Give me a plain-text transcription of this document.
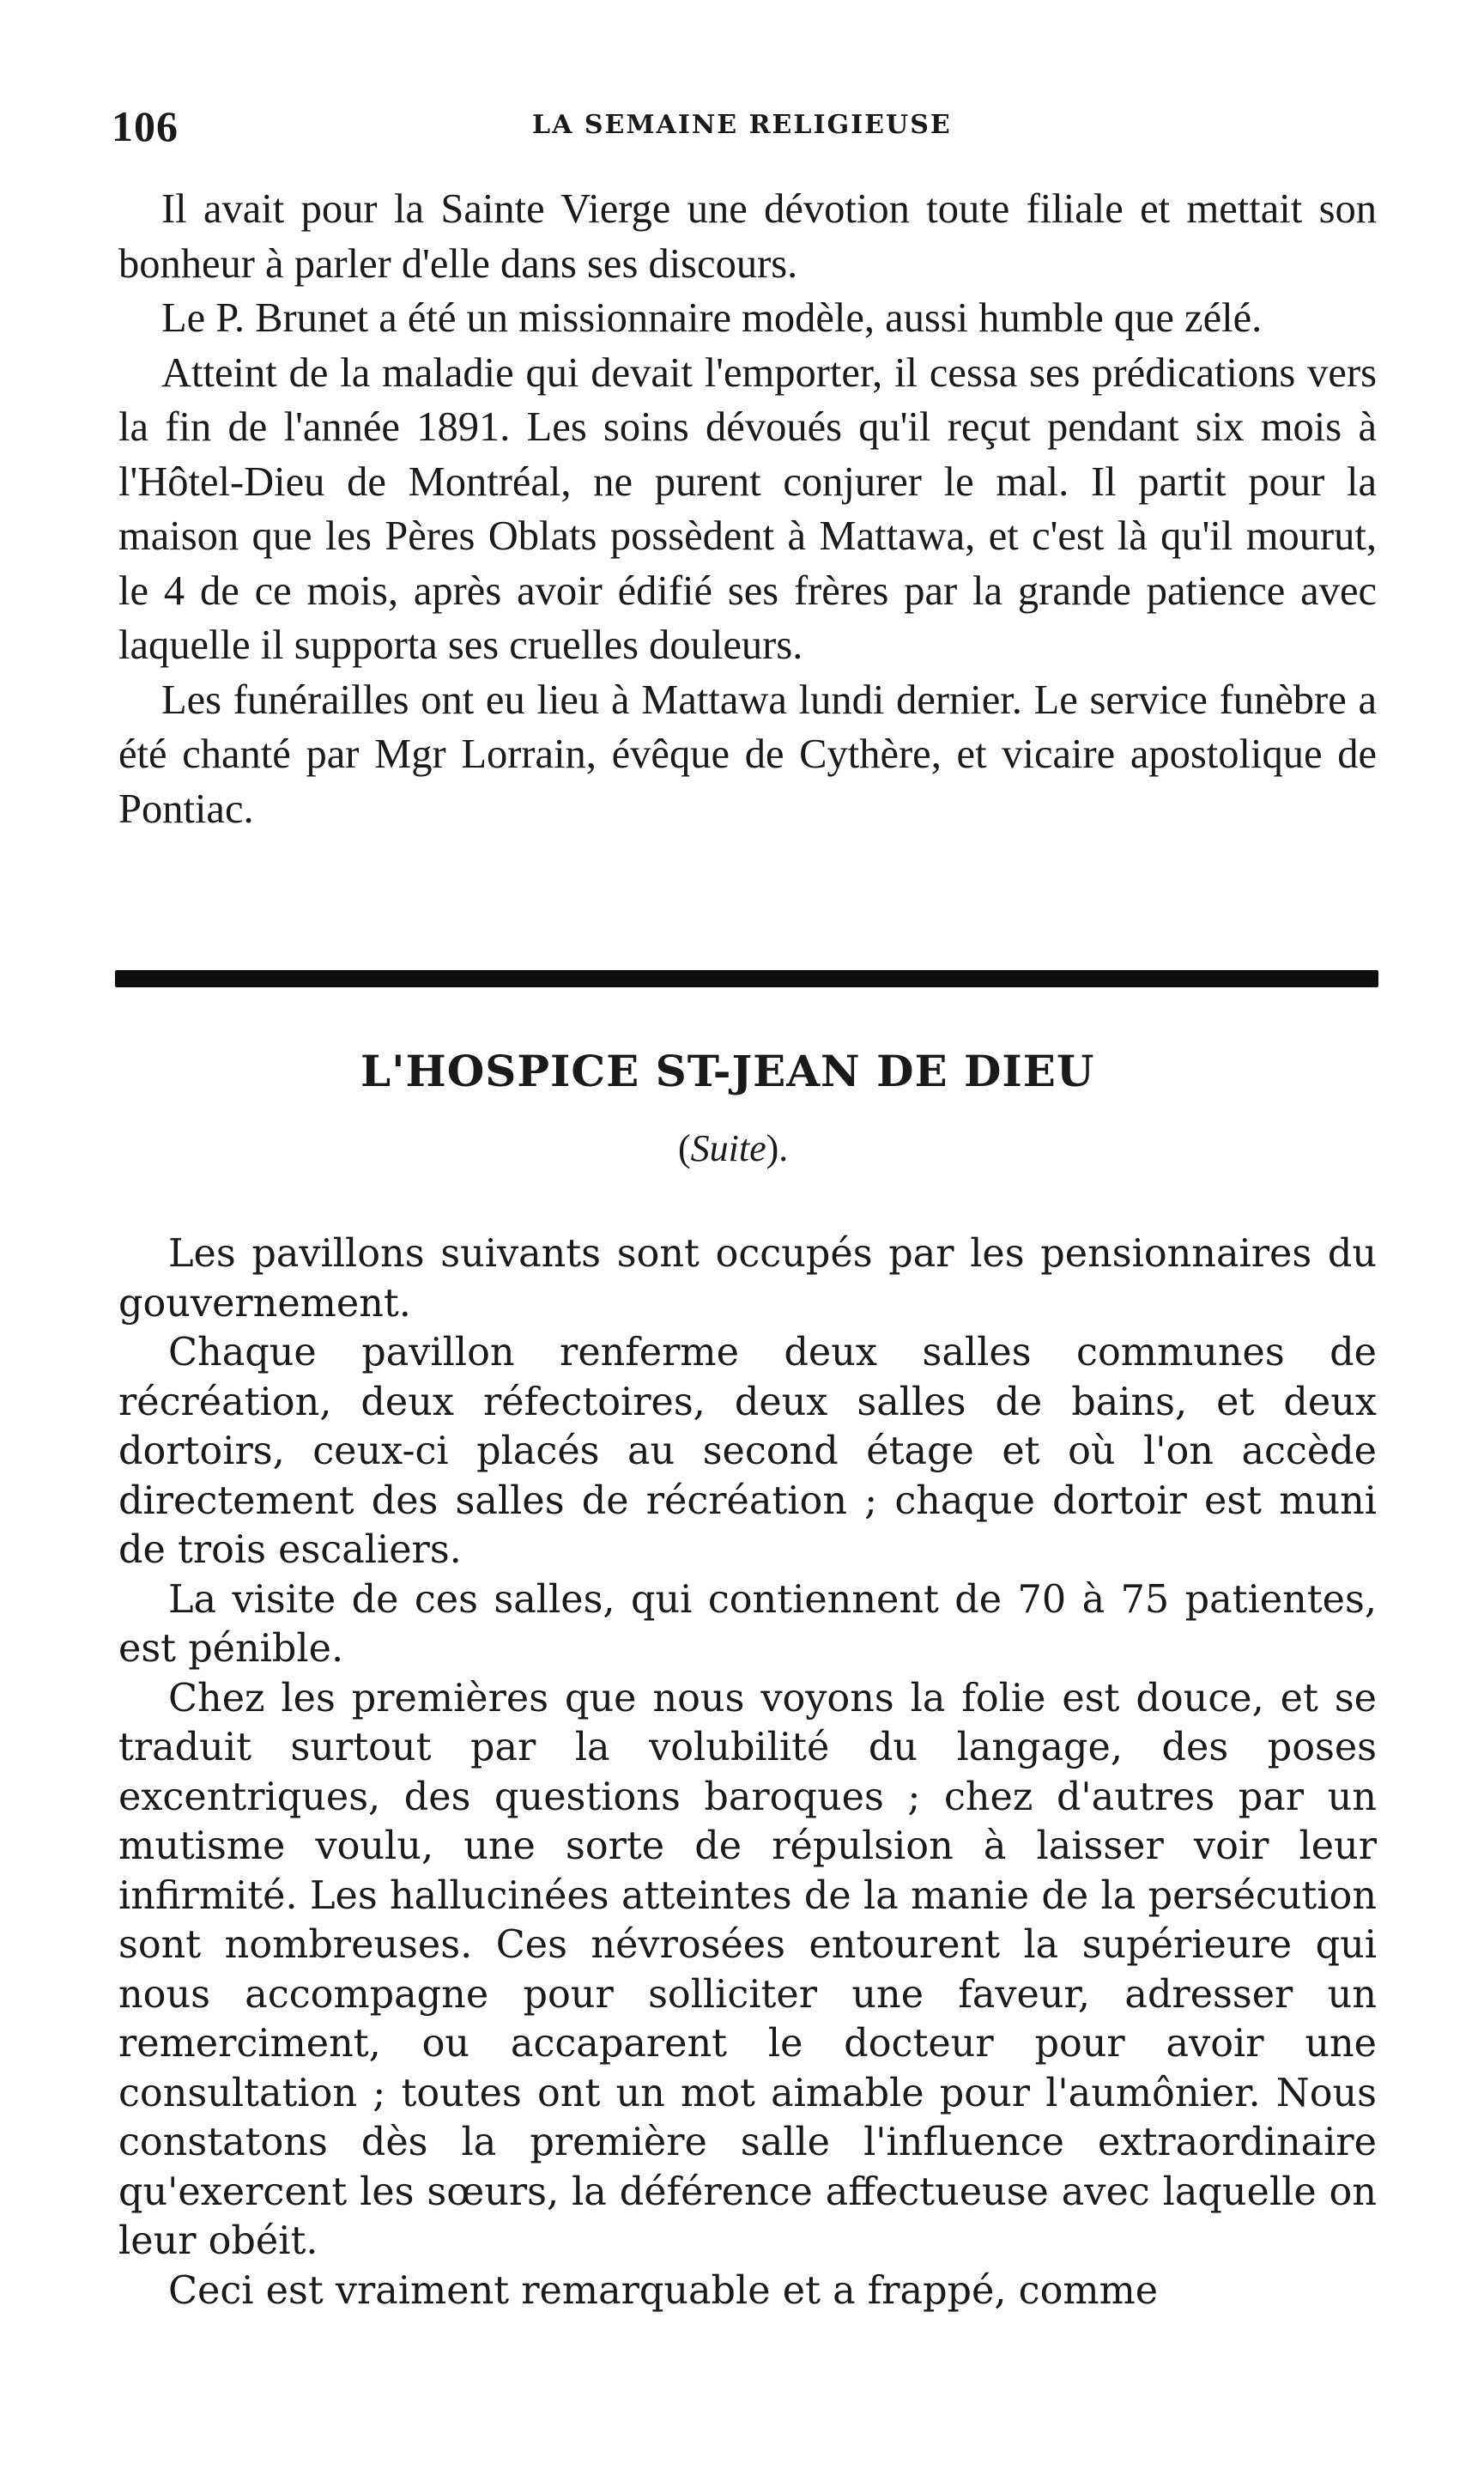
106	LA SEMAINE RELIGIEUSE

Il avait pour la Sainte Vierge une dévotion toute filiale et mettait son bonheur à parler d'elle dans ses discours.

Le P. Brunet a été un missionnaire modèle, aussi humble que zélé.

Atteint de la maladie qui devait l'emporter, il cessa ses prédications vers la fin de l'année 1891. Les soins dévoués qu'il reçut pendant six mois à l'Hôtel-Dieu de Montréal, ne purent conjurer le mal. Il partit pour la maison que les Pères Oblats possèdent à Mattawa, et c'est là qu'il mourut, le 4 de ce mois, après avoir édifié ses frères par la grande patience avec laquelle il supporta ses cruelles douleurs.

Les funérailles ont eu lieu à Mattawa lundi dernier. Le service funèbre a été chanté par Mgr Lorrain, évêque de Cythère, et vicaire apostolique de Pontiac.

L'HOSPICE ST-JEAN DE DIEU
(Suite).

Les pavillons suivants sont occupés par les pensionnaires du gouvernement.

Chaque pavillon renferme deux salles communes de récréation, deux réfectoires, deux salles de bains, et deux dortoirs, ceux-ci placés au second étage et où l'on accède directement des salles de récréation ; chaque dortoir est muni de trois escaliers.

La visite de ces salles, qui contiennent de 70 à 75 patientes, est pénible.

Chez les premières que nous voyons la folie est douce, et se traduit surtout par la volubilité du langage, des poses excentriques, des questions baroques ; chez d'autres par un mutisme voulu, une sorte de répulsion à laisser voir leur infirmité. Les hallucinées atteintes de la manie de la persécution sont nombreuses. Ces névrosées entourent la supérieure qui nous accompagne pour solliciter une faveur, adresser un remerciment, ou accaparent le docteur pour avoir une consultation ; toutes ont un mot aimable pour l'aumônier. Nous constatons dès la première salle l'influence extraordinaire qu'exercent les sœurs, la déférence affectueuse avec laquelle on leur obéit.

Ceci est vraiment remarquable et a frappé, comme
